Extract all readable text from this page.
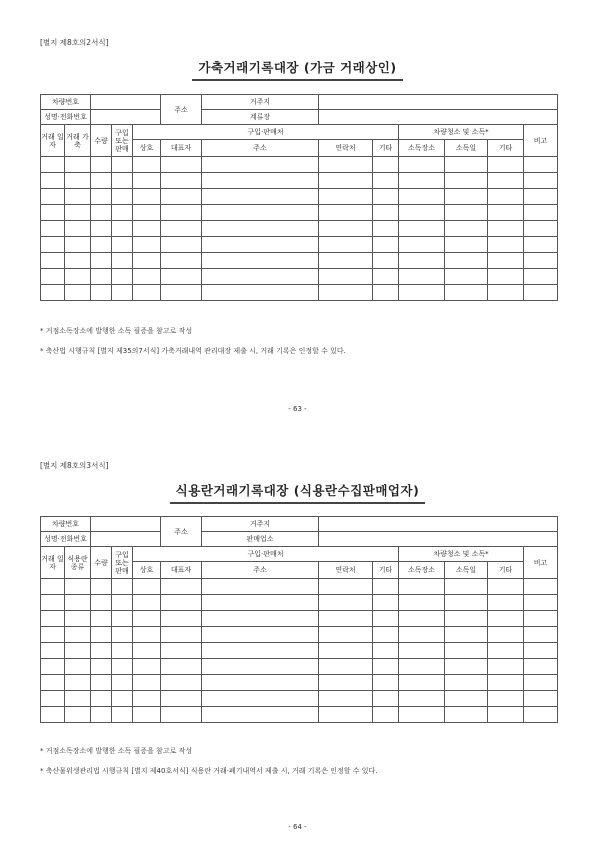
[별지 제8호의2서식]
가축거래기록대장 (가금 거래상인)
차량번호					주소	거주지						
성명·전화번호						계류장						
거래 일자	거래 가축	수량	구입 또는 판매	구입·판매처					차량청소 및 소독*			비고
				상호	대표자	주소	연락처	기타	소독장소	소독일	기타	

* 거점소독장소에 발행한 소독 필증을 참고로 작성
* 축산법 시행규칙 [별지 제35의7서식] 가축거래내역 관리대장 제출 시, 거래 기록은 인정할 수 있다.
- 63 -
[별지 제8호의3서식]
식용란거래기록대장 (식용란수집판매업자)
차량번호					주소	거주지						
성명·전화번호						판매업소						
거래 일자	식용란 종류	수량	구입 또는 판매	구입·판매처					차량청소 및 소독*			비고
				상호	대표자	주소	연락처	기타	소독장소	소독일	기타	

* 거점소독장소에 발행한 소독 필증을 참고로 작성
* 축산물위생관리법 시행규칙 [별지 제40호서식] 식용란 거래·폐기내역서 제출 시, 거래 기록은 인정할 수 있다.
- 64 -
